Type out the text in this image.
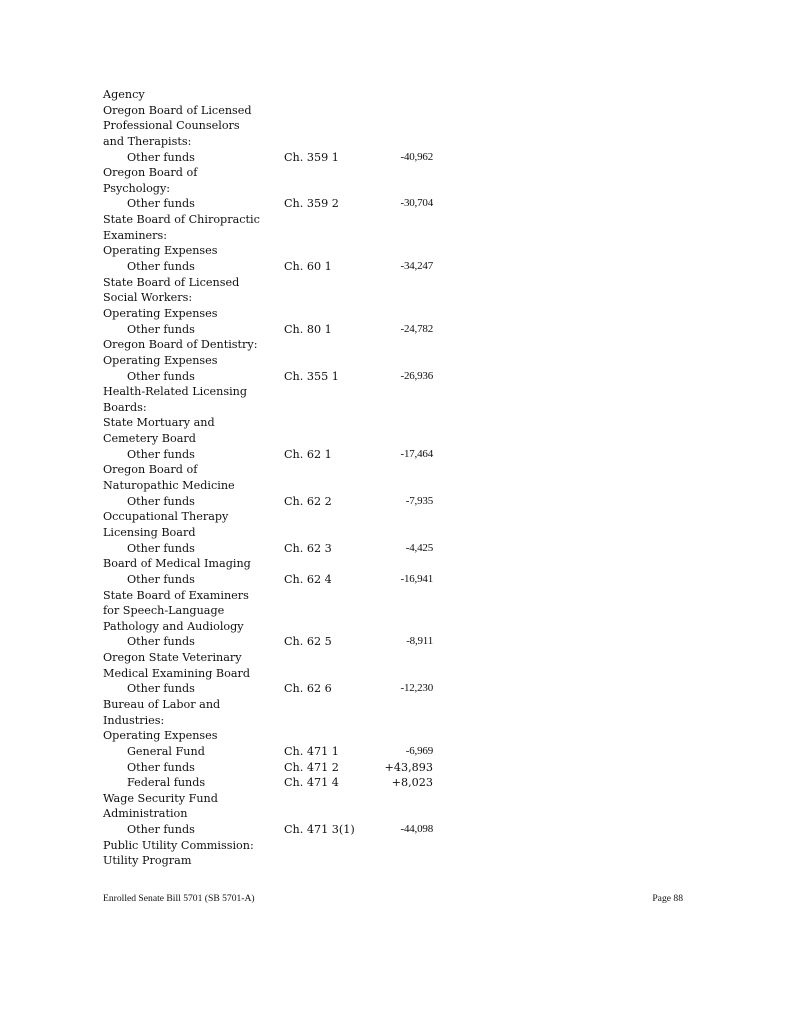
Agency
Oregon Board of Licensed
Professional Counselors
and Therapists:
Other funds	Ch. 359 1	-40,962
Oregon Board of
Psychology:
Other funds	Ch. 359 2	-30,704
State Board of Chiropractic
Examiners:
Operating Expenses
Other funds	Ch. 60 1	-34,247
State Board of Licensed
Social Workers:
Operating Expenses
Other funds	Ch. 80 1	-24,782
Oregon Board of Dentistry:
Operating Expenses
Other funds	Ch. 355 1	-26,936
Health-Related Licensing
Boards:
State Mortuary and
Cemetery Board
Other funds	Ch. 62 1	-17,464
Oregon Board of
Naturopathic Medicine
Other funds	Ch. 62 2	-7,935
Occupational Therapy
Licensing Board
Other funds	Ch. 62 3	-4,425
Board of Medical Imaging
Other funds	Ch. 62 4	-16,941
State Board of Examiners
for Speech-Language
Pathology and Audiology
Other funds	Ch. 62 5	-8,911
Oregon State Veterinary
Medical Examining Board
Other funds	Ch. 62 6	-12,230
Bureau of Labor and
Industries:
Operating Expenses
General Fund	Ch. 471 1	-6,969
Other funds	Ch. 471 2	+43,893
Federal funds	Ch. 471 4	+8,023
Wage Security Fund
Administration
Other funds	Ch. 471 3(1)	-44,098
Public Utility Commission:
Utility Program
Enrolled Senate Bill 5701 (SB 5701-A)	Page 88
